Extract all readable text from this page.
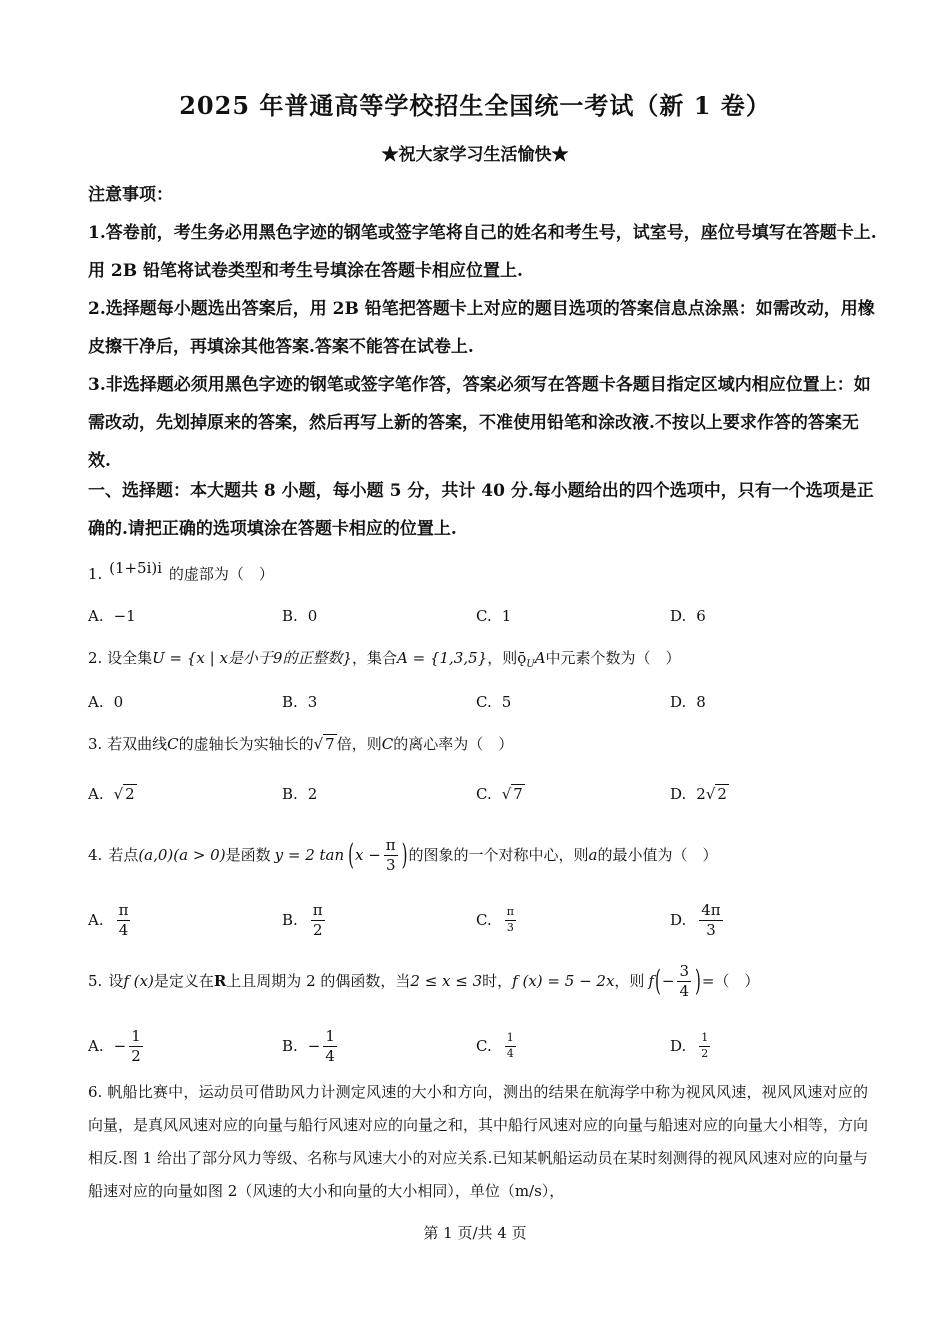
2025 年普通高等学校招生全国统一考试（新 1 卷）
★祝大家学习生活愉快★
注意事项：
1.答卷前，考生务必用黑色字迹的钢笔或签字笔将自己的姓名和考生号，试室号，座位号填写在答题卡上.用 2B 铅笔将试卷类型和考生号填涂在答题卡相应位置上.
2.选择题每小题选出答案后，用 2B 铅笔把答题卡上对应的题目选项的答案信息点涂黑：如需改动，用橡皮擦干净后，再填涂其他答案.答案不能答在试卷上.
3.非选择题必须用黑色字迹的钢笔或签字笔作答，答案必须写在答题卡各题目指定区域内相应位置上：如需改动，先划掉原来的答案，然后再写上新的答案，不准使用铅笔和涂改液.不按以上要求作答的答案无效.
一、选择题：本大题共 8 小题，每小题 5 分，共计 40 分.每小题给出的四个选项中，只有一个选项是正确的.请把正确的选项填涂在答题卡相应的位置上.
1. (1+5i)i 的虚部为（　）
A. −1	B. 0	C. 1	D. 6
2. 设全集U = {x | x是小于9的正整数}，集合A = {1,3,5}，则$ǭ_UA$中元素个数为（　）
A. 0	B. 3	C. 5	D. 8
3. 若双曲线C的虚轴长为实轴长的√ 7 倍，则C的离心率为（　）
A. √ 2	B. 2	C. √ 7	D. 2 √ 2
4. 若点 (a,0)(a > 0) 是函数 y = 2 tan ( $x - \frac{\pi}{3}$ ) 的图象的一个对称中心，则 a 的最小值为（　）
A. $\frac{\pi}{4}$	B. $\frac{\pi}{2}$	C. $\frac{\pi}{3}$	D. $\frac{4\pi}{3}$
5. 设 f (x) 是定义在 R 上且周期为 2 的偶函数，当 2 ≤ x ≤ 3 时， f (x) = 5 − 2x ，则 f ( − $\frac{3}{4}$ ) =（　）
A. − $\frac{1}{2}$	B. − $\frac{1}{4}$	C. $\frac{1}{4}$	D. $\frac{1}{2}$
6. 帆船比赛中，运动员可借助风力计测定风速的大小和方向，测出的结果在航海学中称为视风风速，视风风速对应的向量，是真风风速对应的向量与船行风速对应的向量之和，其中船行风速对应的向量与船速对应的向量大小相等，方向相反.图 1 给出了部分风力等级、名称与风速大小的对应关系.已知某帆船运动员在某时刻测得的视风风速对应的向量与船速对应的向量如图 2（风速的大小和向量的大小相同），单位（m/s），
第 1 页/共 4 页
